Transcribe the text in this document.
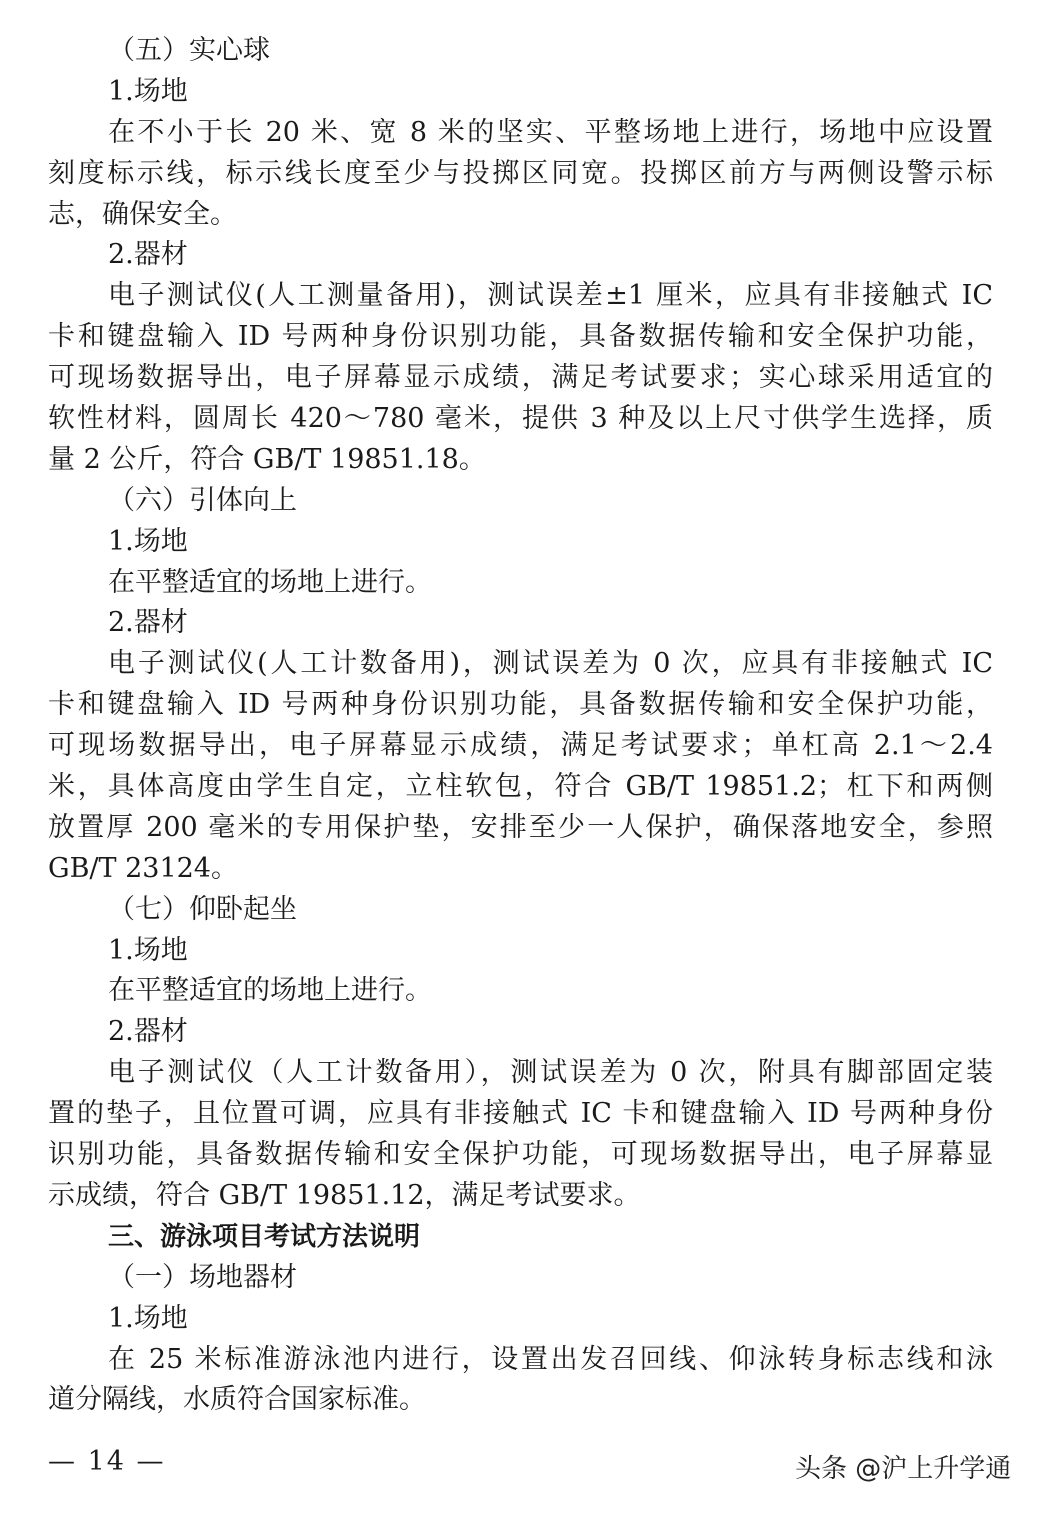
（五）实心球
1.场地
在不小于长 20 米、宽 8 米的坚实、平整场地上进行，场地中应设置
刻度标示线，标示线长度至少与投掷区同宽。投掷区前方与两侧设警示标
志，确保安全。
2.器材
电子测试仪(人工测量备用)，测试误差±1 厘米，应具有非接触式 IC
卡和键盘输入 ID 号两种身份识别功能，具备数据传输和安全保护功能，
可现场数据导出，电子屏幕显示成绩，满足考试要求；实心球采用适宜的
软性材料，圆周长 420～780 毫米，提供 3 种及以上尺寸供学生选择，质
量 2 公斤，符合 GB/T 19851.18。
（六）引体向上
1.场地
在平整适宜的场地上进行。
2.器材
电子测试仪(人工计数备用)，测试误差为 0 次，应具有非接触式 IC
卡和键盘输入 ID 号两种身份识别功能，具备数据传输和安全保护功能，
可现场数据导出，电子屏幕显示成绩，满足考试要求；单杠高 2.1～2.4
米，具体高度由学生自定，立柱软包，符合 GB/T 19851.2；杠下和两侧
放置厚 200 毫米的专用保护垫，安排至少一人保护，确保落地安全，参照
GB/T 23124。
（七）仰卧起坐
1.场地
在平整适宜的场地上进行。
2.器材
电子测试仪（人工计数备用），测试误差为 0 次，附具有脚部固定装
置的垫子，且位置可调，应具有非接触式 IC 卡和键盘输入 ID 号两种身份
识别功能，具备数据传输和安全保护功能，可现场数据导出，电子屏幕显
示成绩，符合 GB/T 19851.12，满足考试要求。
三、游泳项目考试方法说明
（一）场地器材
1.场地
在 25 米标准游泳池内进行，设置出发召回线、仰泳转身标志线和泳
道分隔线，水质符合国家标准。
— 14 —	头条 @沪上升学通
